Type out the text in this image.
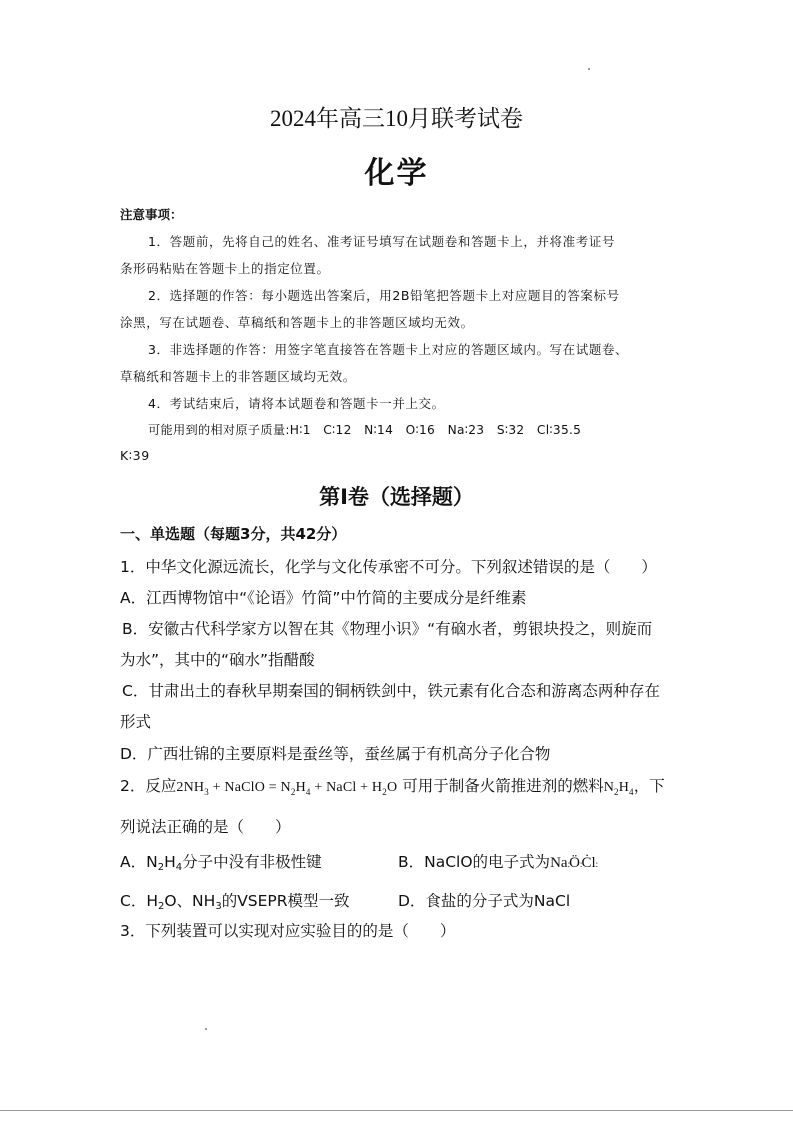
2024年高三10月联考试卷
化学
注意事项：
1．答题前，先将自己的姓名、准考证号填写在试题卷和答题卡上，并将准考证号
条形码粘贴在答题卡上的指定位置。
2．选择题的作答：每小题选出答案后，用2B铅笔把答题卡上对应题目的答案标号
涂黑，写在试题卷、草稿纸和答题卡上的非答题区域均无效。
3．非选择题的作答：用签字笔直接答在答题卡上对应的答题区域内。写在试题卷、
草稿纸和答题卡上的非答题区域均无效。
4．考试结束后，请将本试题卷和答题卡一并上交。
可能用到的相对原子质量:H∶1　C∶12　N∶14　O∶16　Na∶23　S∶32　Cl∶35.5
K∶39
第Ⅰ卷（选择题）
一、单选题（每题3分，共42分）
1．中华文化源远流长，化学与文化传承密不可分。下列叙述错误的是（　　）
A．江西博物馆中“《论语》竹简”中竹简的主要成分是纤维素
B．安徽古代科学家方以智在其《物理小识》“有硇水者，剪银块投之，则旋而
为水”，其中的“硇水”指醋酸
C．甘肃出土的春秋早期秦国的铜柄铁剑中，铁元素有化合态和游离态两种存在
形式
D．广西壮锦的主要原料是蚕丝等，蚕丝属于有机高分子化合物
2．反应$2NH_3$ + NaClO = $N_2H_4$ + NaCl + $H_2O$ 可用于制备火箭推进剂的燃料$N_2H_4$，下
列说法正确的是（　　）
A．$N_2H_4$分子中没有非极性键	B．NaClO的电子式为Na:Ö:Ċl:
C．$H_2O$、$NH_3$的VSEPR模型一致	D．食盐的分子式为NaCl
3．下列装置可以实现对应实验目的的是（　　）
